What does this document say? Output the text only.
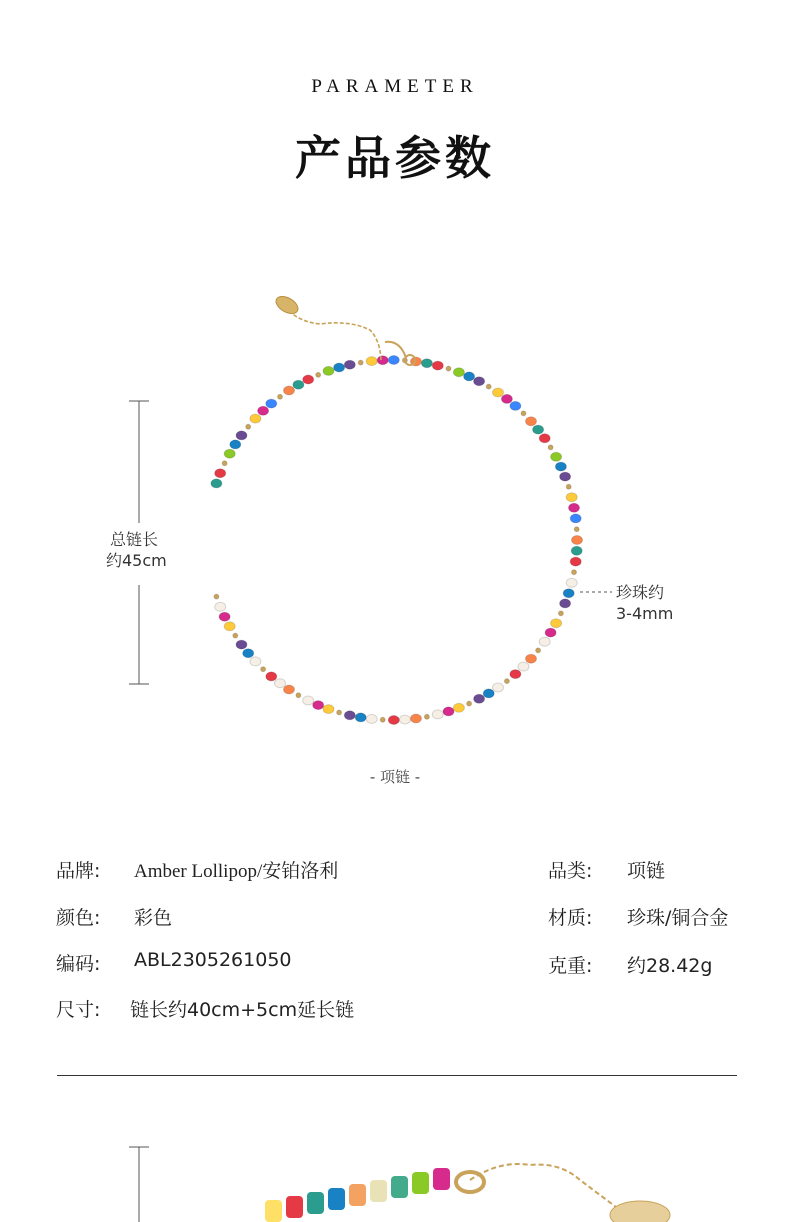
PARAMETER
产品参数
总链长
约45cm
珍珠约
3-4mm
- 项链 -
品牌: Amber Lollipop/安铂洛利	品类: 项链
颜色: 彩色	材质: 珍珠/铜合金
编码: ABL2305261050	克重: 约28.42g
尺寸: 链长约40cm+5cm延长链
